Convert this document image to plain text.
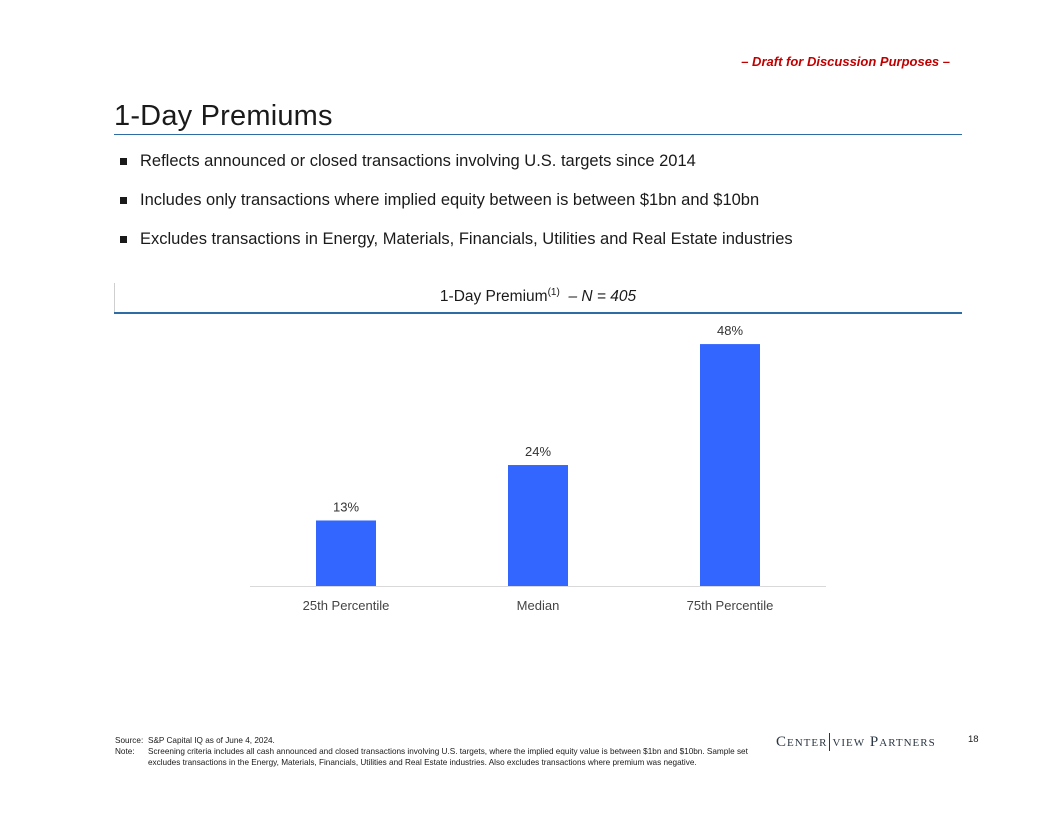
– Draft for Discussion Purposes –
1-Day Premiums
Reflects announced or closed transactions involving U.S. targets since 2014
Includes only transactions where implied equity between is between $1bn and $10bn
Excludes transactions in Energy, Materials, Financials, Utilities and Real Estate industries
1-Day Premium$^{(1)}$ – N = 405
13%
25th Percentile
24%
Median
48%
75th Percentile
Source: S&P Capital IQ as of June 4, 2024.
Note:	Screening criteria includes all cash announced and closed transactions involving U.S. targets, where the implied equity value is between $1bn and $10bn. Sample set excludes transactions in the Energy, Materials, Financials, Utilities and Real Estate industries. Also excludes transactions where premium was negative.
Center view Partners	18
